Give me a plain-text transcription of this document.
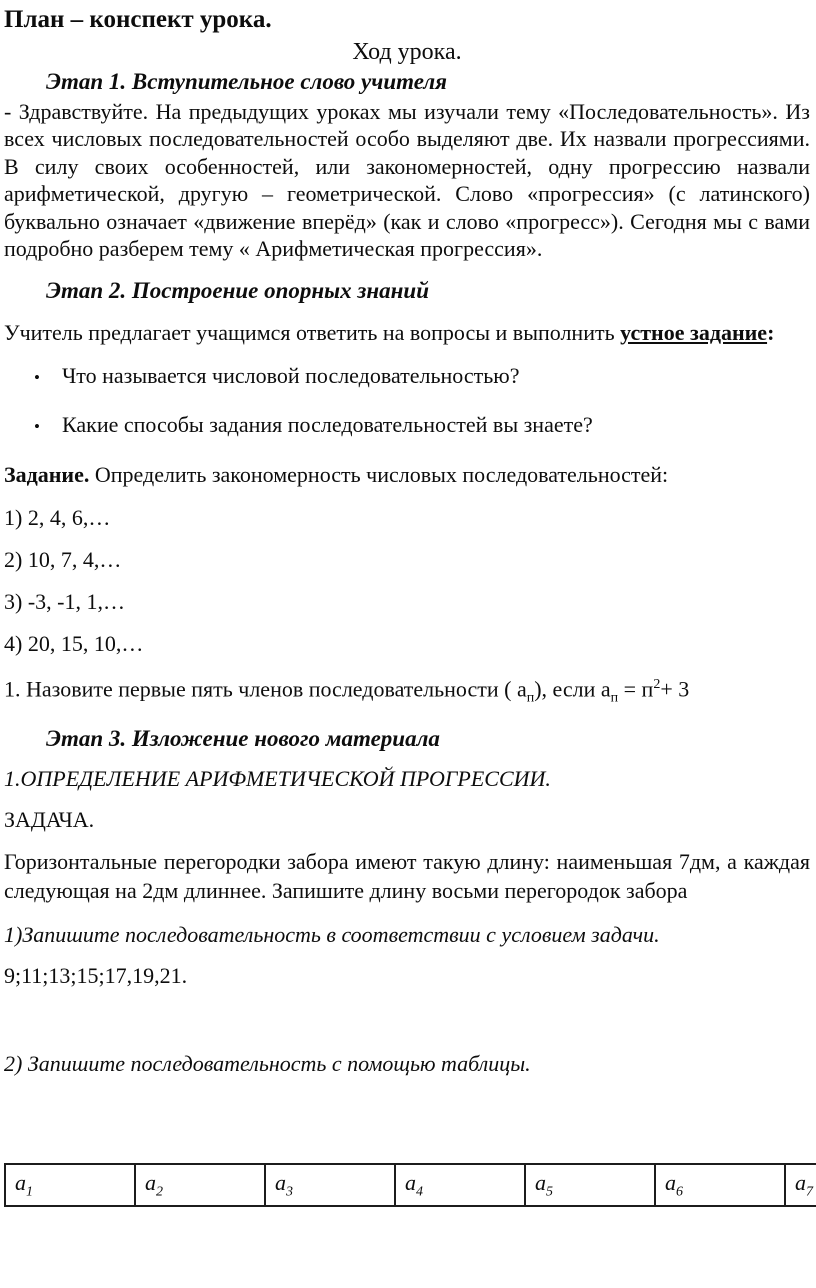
План – конспект урока.
Ход урока.
Этап 1. Вступительное слово учителя
- Здравствуйте. На предыдущих уроках мы изучали тему «Последовательность». Из всех числовых последовательностей особо выделяют две. Их назвали прогрессиями. В силу своих особенностей, или закономерностей, одну прогрессию назвали арифметической, другую – геометрической. Слово «прогрессия» (с латинского) буквально означает «движение вперёд» (как и слово «прогресс»). Сегодня мы с вами подробно разберем тему « Арифметическая прогрессия».
Этап 2. Построение опорных знаний
Учитель предлагает учащимся ответить на вопросы и выполнить устное задание:
•	Что называется числовой последовательностью?
•	Какие способы задания последовательностей вы знаете?
Задание. Определить закономерность числовых последовательностей:
1) 2, 4, 6,…
2) 10, 7, 4,…
3) -3, -1, 1,…
4) 20, 15, 10,…
1. Назовите первые пять членов последовательности ( $a_п$), если $a_п = п^2+ 3$
Этап 3. Изложение нового материала
1.ОПРЕДЕЛЕНИЕ АРИФМЕТИЧЕСКОЙ ПРОГРЕССИИ.
ЗАДАЧА.
Горизонтальные перегородки забора имеют такую длину: наименьшая 7дм, а каждая следующая на 2дм длиннее. Запишите длину восьми перегородок забора
1)Запишите последовательность в соответствии с условием задачи.
9;11;13;15;17,19,21.
2) Запишите последовательность с помощью таблицы.
$a_1$	$a_2$	$a_3$	$a_4$	$a_5$	$a_6$	$a_7$
